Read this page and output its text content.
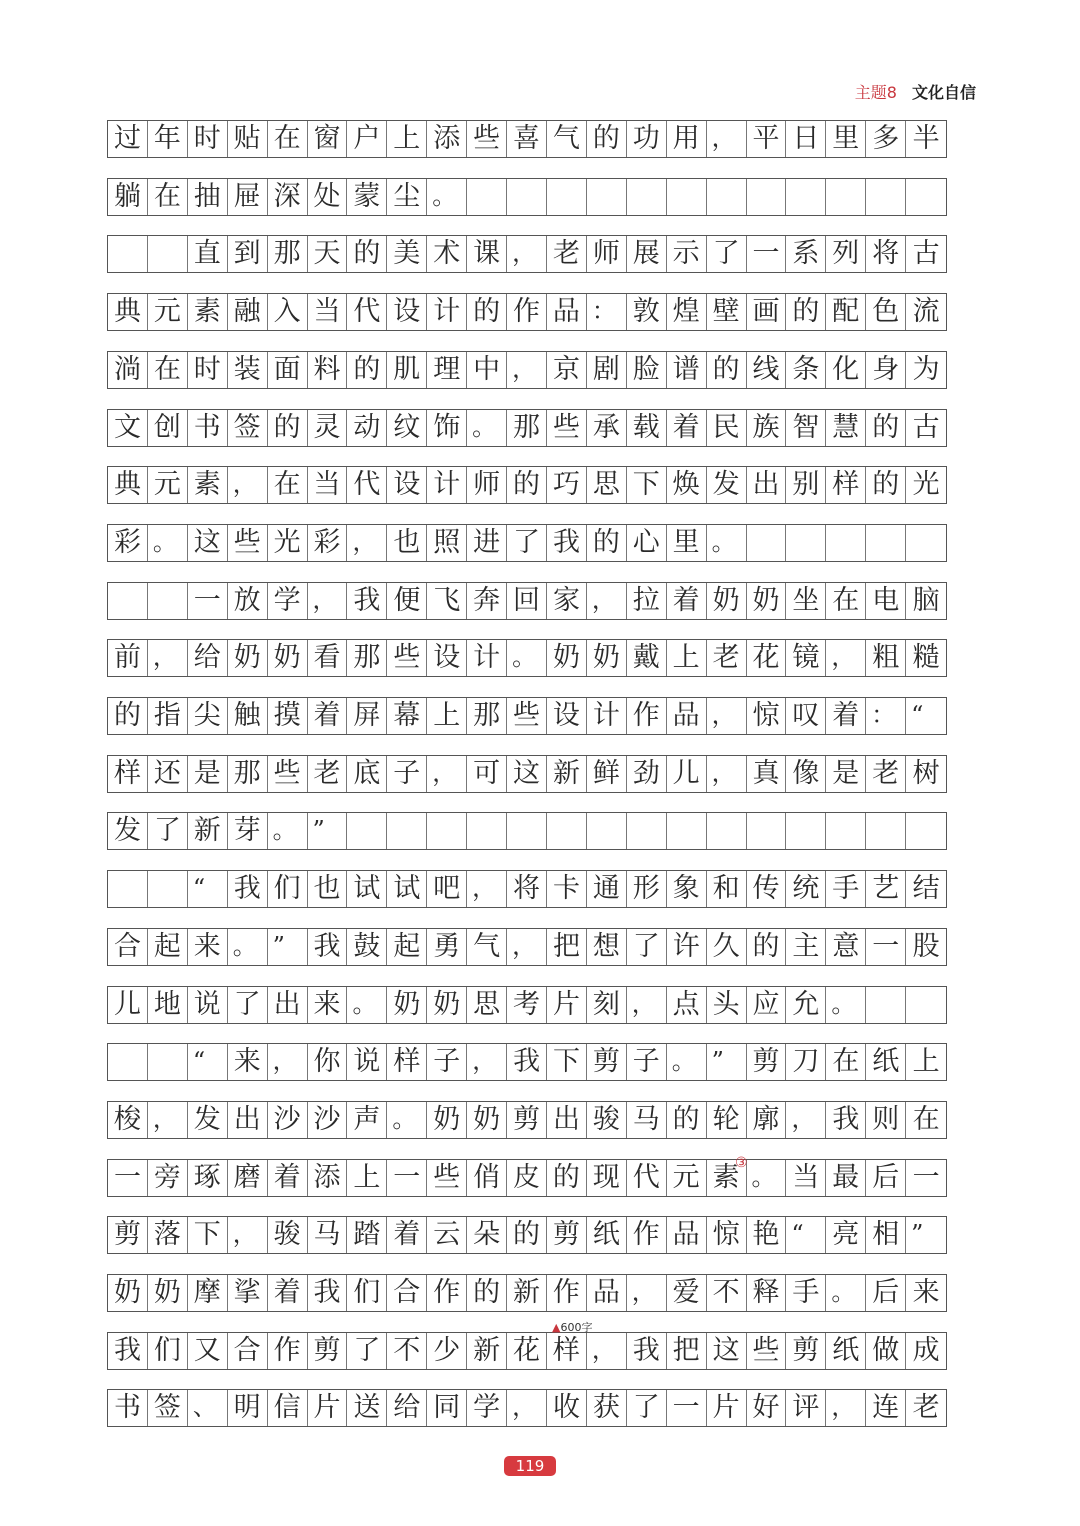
主题8 文化自信
过 年 时 贴 在 窗 户 上 添 些 喜 气 的 功 用 ， 平 日 里 多 半
躺 在 抽 屉 深 处 蒙 尘 。
直 到 那 天 的 美 术 课 ， 老 师 展 示 了 一 系 列 将 古
典 元 素 融 入 当 代 设 计 的 作 品 ： 敦 煌 壁 画 的 配 色 流
淌 在 时 装 面 料 的 肌 理 中 ， 京 剧 脸 谱 的 线 条 化 身 为
文 创 书 签 的 灵 动 纹 饰 。 那 些 承 载 着 民 族 智 慧 的 古
典 元 素 ， 在 当 代 设 计 师 的 巧 思 下 焕 发 出 别 样 的 光
彩 。 这 些 光 彩 ， 也 照 进 了 我 的 心 里 。
一 放 学 ， 我 便 飞 奔 回 家 ， 拉 着 奶 奶 坐 在 电 脑
前 ， 给 奶 奶 看 那 些 设 计 。 奶 奶 戴 上 老 花 镜 ， 粗 糙
的 指 尖 触 摸 着 屏 幕 上 那 些 设 计 作 品 ， 惊 叹 着 ： “
样 还 是 那 些 老 底 子 ， 可 这 新 鲜 劲 儿 ， 真 像 是 老 树
发 了 新 芽 。 ”
“	我 们 也 试 试 吧 ， 将 卡 通 形 象 和 传 统 手 艺 结
合 起 来 。 ”	我 鼓 起 勇 气 ， 把 想 了 许 久 的 主 意 一 股
儿 地 说 了 出 来 。 奶 奶 思 考 片 刻 ， 点 头 应 允 。
“	来 ， 你 说 样 子 ， 我 下 剪 子 。 ”	剪 刀 在 纸 上
梭 ， 发 出 沙 沙 声 。 奶 奶 剪 出 骏 马 的 轮 廓 ， 我 则 在
一 旁 琢 磨 着 添 上 一 些 俏 皮 的 现 代 元 素
③ 。 当 最 后 一
剪 落 下 ， 骏 马 踏 着 云 朵 的 剪 纸 作 品 惊 艳 “	亮 相 ”
奶 奶 摩 挲 着 我 们 合 作 的 新 作 品 ， 爱 不 释 手 。 后 来
我 们 又 合 作 剪 了 不 少 新 花 样 ， 我 把 这 些 剪 纸 做 成
书 签 、 明 信 片 送 给 同 学 ， 收 获 了 一 片 好 评 ， 连 老
▲600字
119
